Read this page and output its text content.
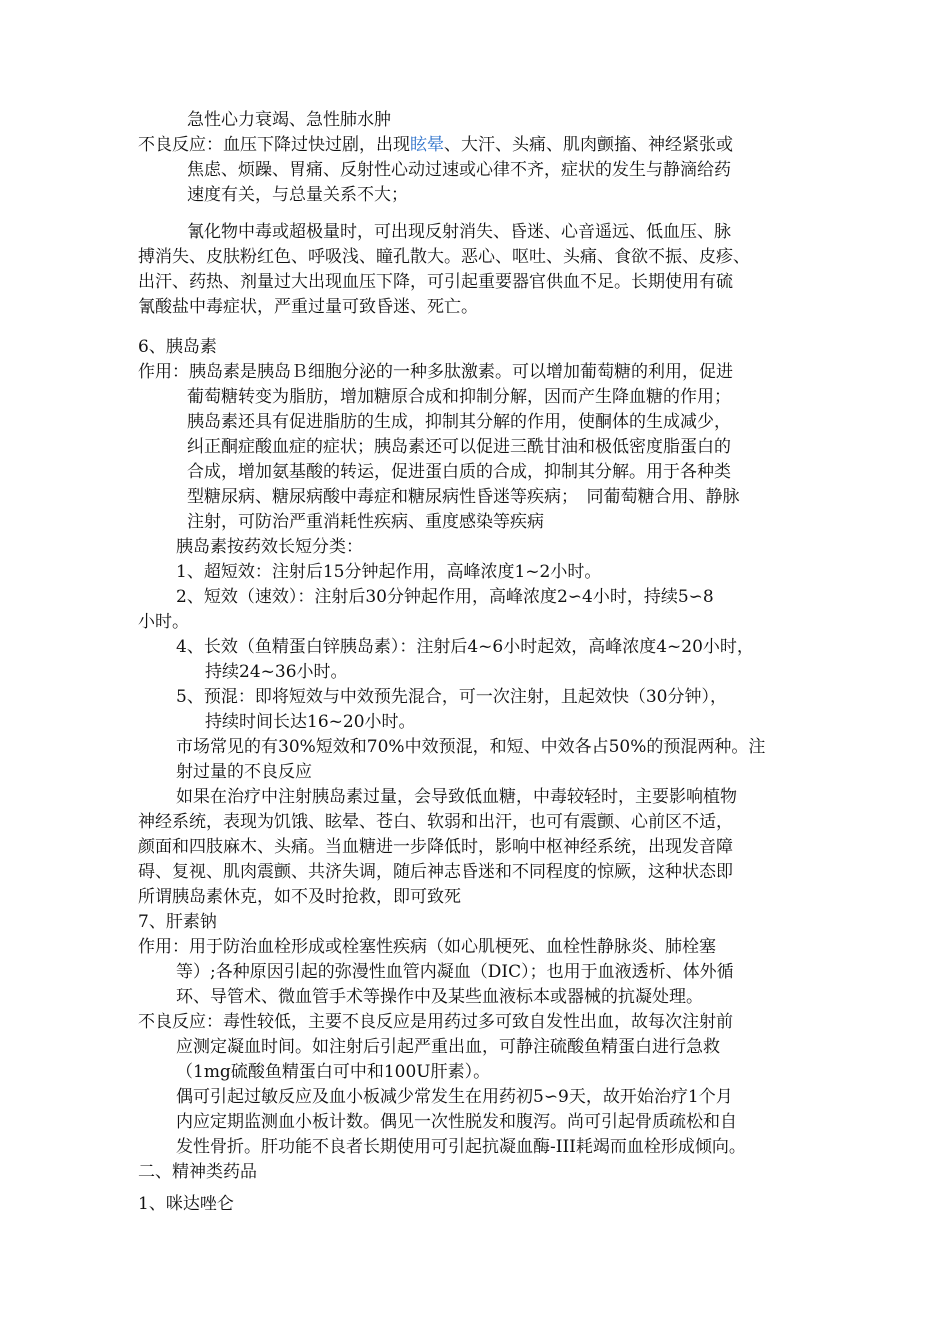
急性心力衰竭、急性肺水肿
不良反应：血压下降过快过剧，出现眩晕、大汗、头痛、肌肉颤搐、神经紧张或
焦虑、烦躁、胃痛、反射性心动过速或心律不齐，症状的发生与静滴给药
速度有关，与总量关系不大；
氰化物中毒或超极量时，可出现反射消失、昏迷、心音遥远、低血压、脉
搏消失、皮肤粉红色、呼吸浅、瞳孔散大。恶心、呕吐、头痛、食欲不振、皮疹、
出汗、药热、剂量过大出现血压下降，可引起重要器官供血不足。长期使用有硫
氰酸盐中毒症状，严重过量可致昏迷、死亡。
6、胰岛素
作用：胰岛素是胰岛Ｂ细胞分泌的一种多肽激素。可以增加葡萄糖的利用，促进
葡萄糖转变为脂肪，增加糖原合成和抑制分解，因而产生降血糖的作用；
胰岛素还具有促进脂肪的生成，抑制其分解的作用，使酮体的生成减少，
纠正酮症酸血症的症状；胰岛素还可以促进三酰甘油和极低密度脂蛋白的
合成，增加氨基酸的转运，促进蛋白质的合成，抑制其分解。用于各种类
型糖尿病、糖尿病酸中毒症和糖尿病性昏迷等疾病；　同葡萄糖合用、静脉
注射，可防治严重消耗性疾病、重度感染等疾病
胰岛素按药效长短分类：
1、超短效：注射后15分钟起作用，高峰浓度1~2小时。
2、短效（速效）：注射后30分钟起作用，高峰浓度2∽4小时，持续5∽8
小时。
4、长效（鱼精蛋白锌胰岛素）：注射后4~6小时起效，高峰浓度4~20小时，
持续24~36小时。
5、预混：即将短效与中效预先混合，可一次注射，且起效快（30分钟），
持续时间长达16~20小时。
市场常见的有30%短效和70%中效预混，和短、中效各占50%的预混两种。注
射过量的不良反应
如果在治疗中注射胰岛素过量，会导致低血糖，中毒较轻时，主要影响植物
神经系统，表现为饥饿、眩晕、苍白、软弱和出汗，也可有震颤、心前区不适，
颜面和四肢麻木、头痛。当血糖进一步降低时，影响中枢神经系统，出现发音障
碍、复视、肌肉震颤、共济失调，随后神志昏迷和不同程度的惊厥，这种状态即
所谓胰岛素休克，如不及时抢救，即可致死
7、肝素钠
作用：用于防治血栓形成或栓塞性疾病（如心肌梗死、血栓性静脉炎、肺栓塞
等）;各种原因引起的弥漫性血管内凝血（DIC）；也用于血液透析、体外循
环、导管术、微血管手术等操作中及某些血液标本或器械的抗凝处理。
不良反应：毒性较低，主要不良反应是用药过多可致自发性出血，故每次注射前
应测定凝血时间。如注射后引起严重出血，可静注硫酸鱼精蛋白进行急救
（1mg硫酸鱼精蛋白可中和100U肝素）。
偶可引起过敏反应及血小板减少常发生在用药初5∽9天，故开始治疗1个月
内应定期监测血小板计数。偶见一次性脱发和腹泻。尚可引起骨质疏松和自
发性骨折。肝功能不良者长期使用可引起抗凝血酶-III耗竭而血栓形成倾向。
二、精神类药品
1、咪达唑仑
